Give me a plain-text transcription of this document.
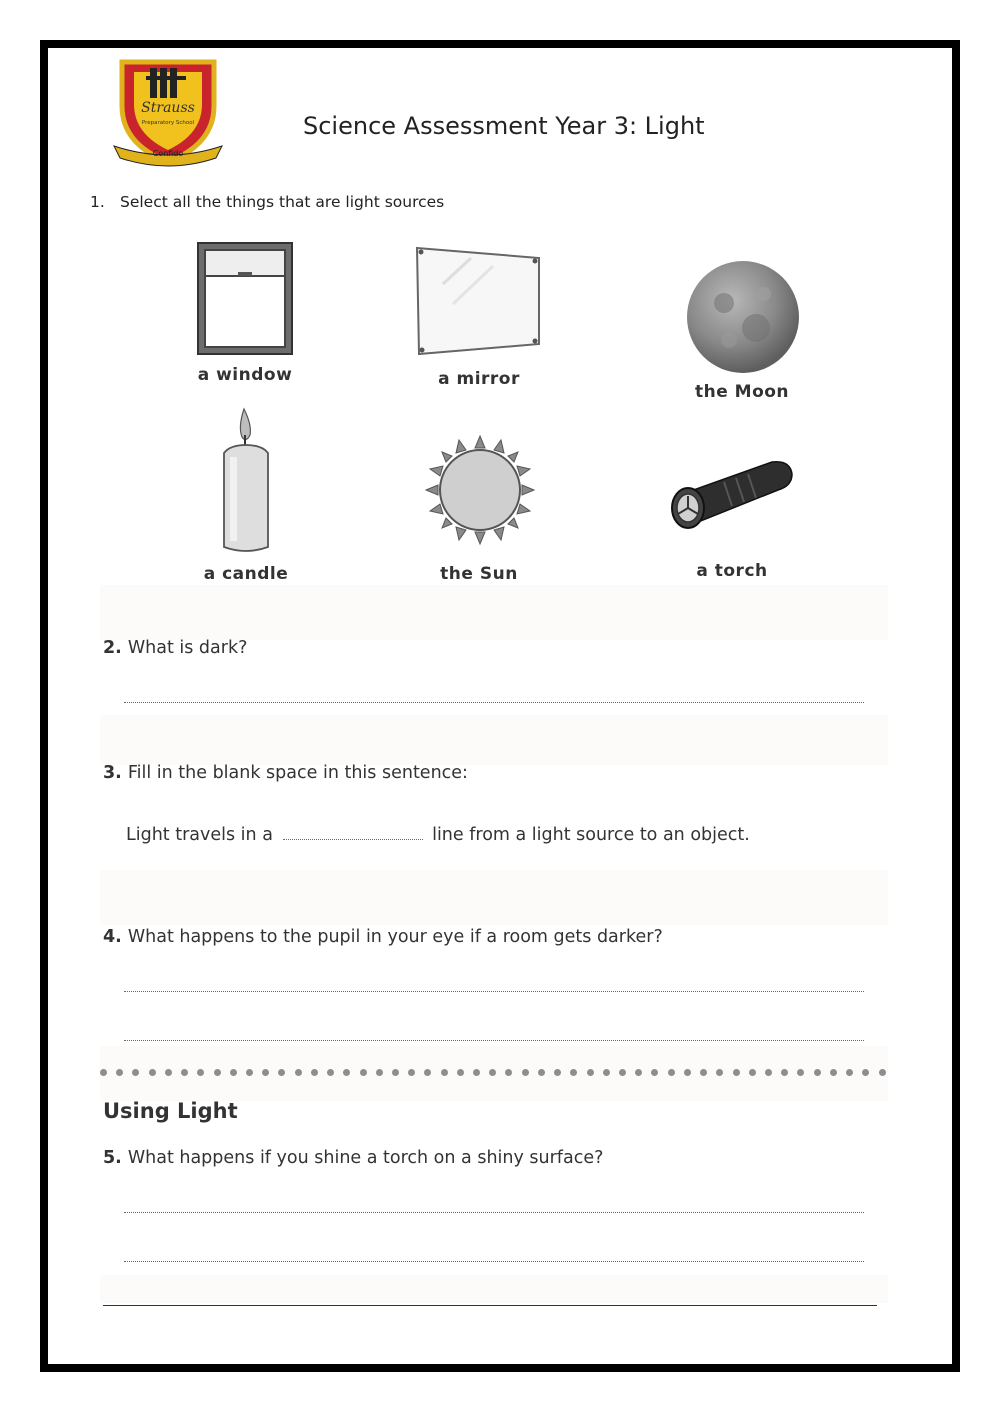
Strauss
Preparatory School
Confido
Science Assessment Year 3: Light
1. Select all the things that are light sources
a window	a mirror
the Moon
a candle	the Sun	a torch
2. What is dark?
3. Fill in the blank space in this sentence:
Light travels in a	line from a light source to an object.
4. What happens to the pupil in your eye if a room gets darker?
Using Light
5. What happens if you shine a torch on a shiny surface?
